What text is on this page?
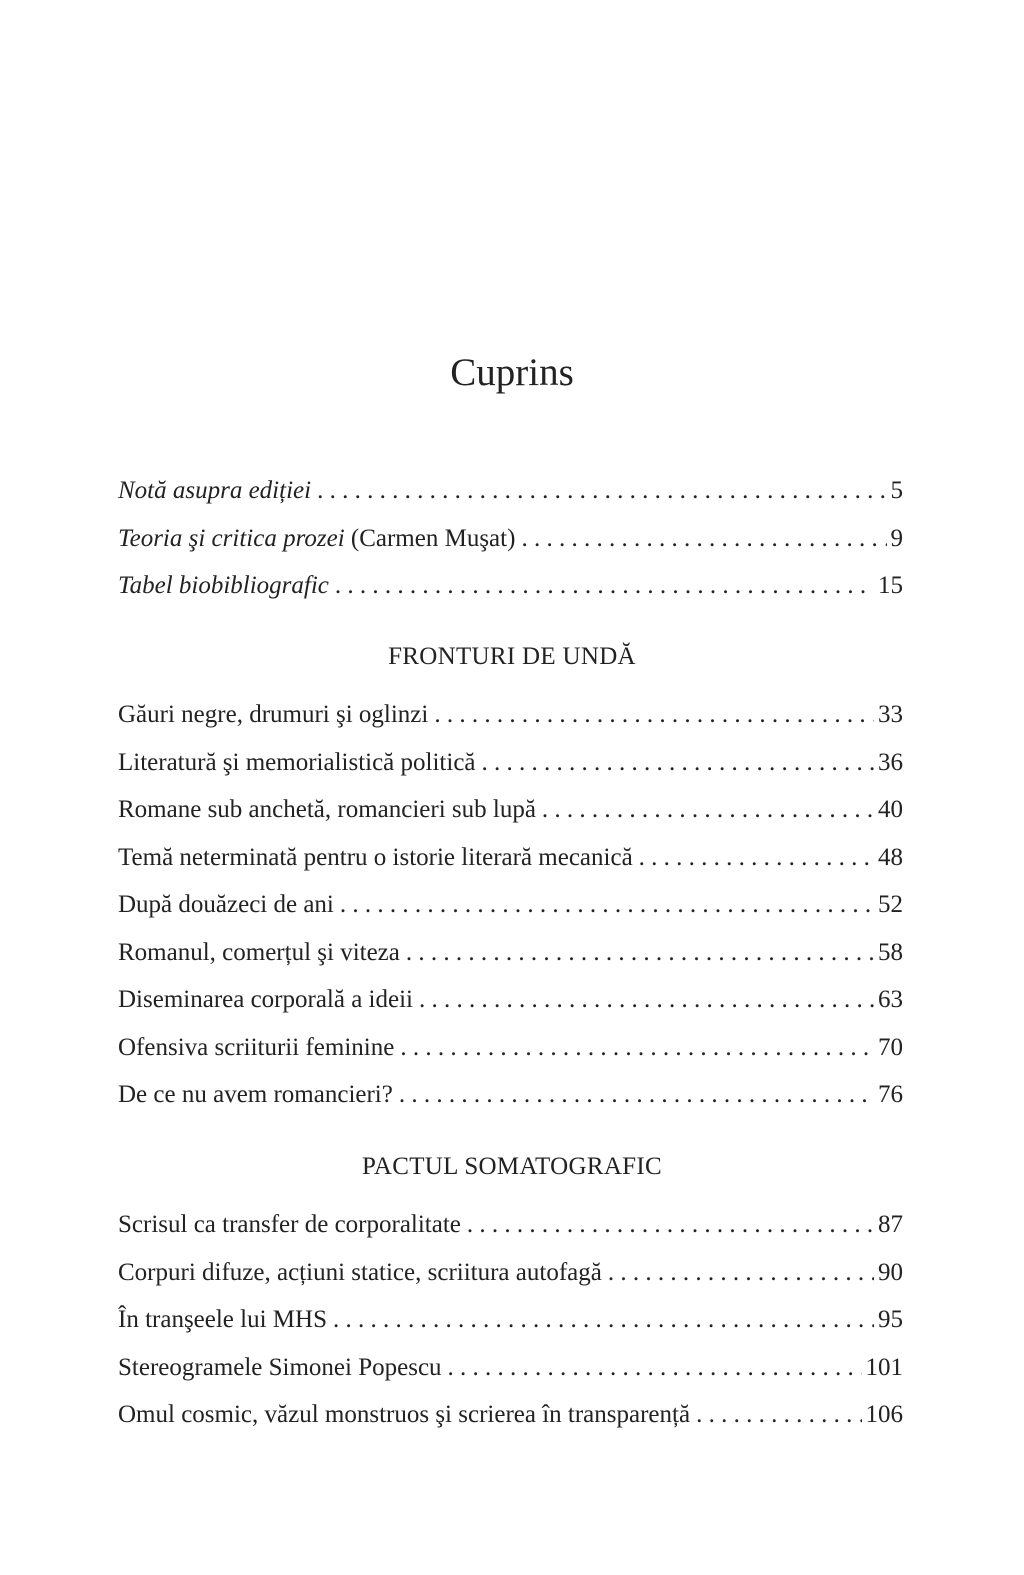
Cuprins
Notă asupra ediției . . .	5
Teoria şi critica prozei (Carmen Muşat) . . .	9
Tabel biobibliografic . . .	15
FRONTURI DE UNDĂ
Găuri negre, drumuri şi oglinzi . . .	33
Literatură şi memorialistică politică . . .	36
Romane sub anchetă, romancieri sub lupă . . .	40
Temă neterminată pentru o istorie literară mecanică . . .	48
După douăzeci de ani . . .	52
Romanul, comerțul şi viteza . . .	58
Diseminarea corporală a ideii . . .	63
Ofensiva scriiturii feminine . . .	70
De ce nu avem romancieri? . . .	76
PACTUL SOMATOGRAFIC
Scrisul ca transfer de corporalitate . . .	87
Corpuri difuze, acțiuni statice, scriitura autofagă . . .	90
În tranşeele lui MHS . . .	95
Stereogramele Simonei Popescu . . .	101
Omul cosmic, văzul monstruos şi scrierea în transparență . . .	106
